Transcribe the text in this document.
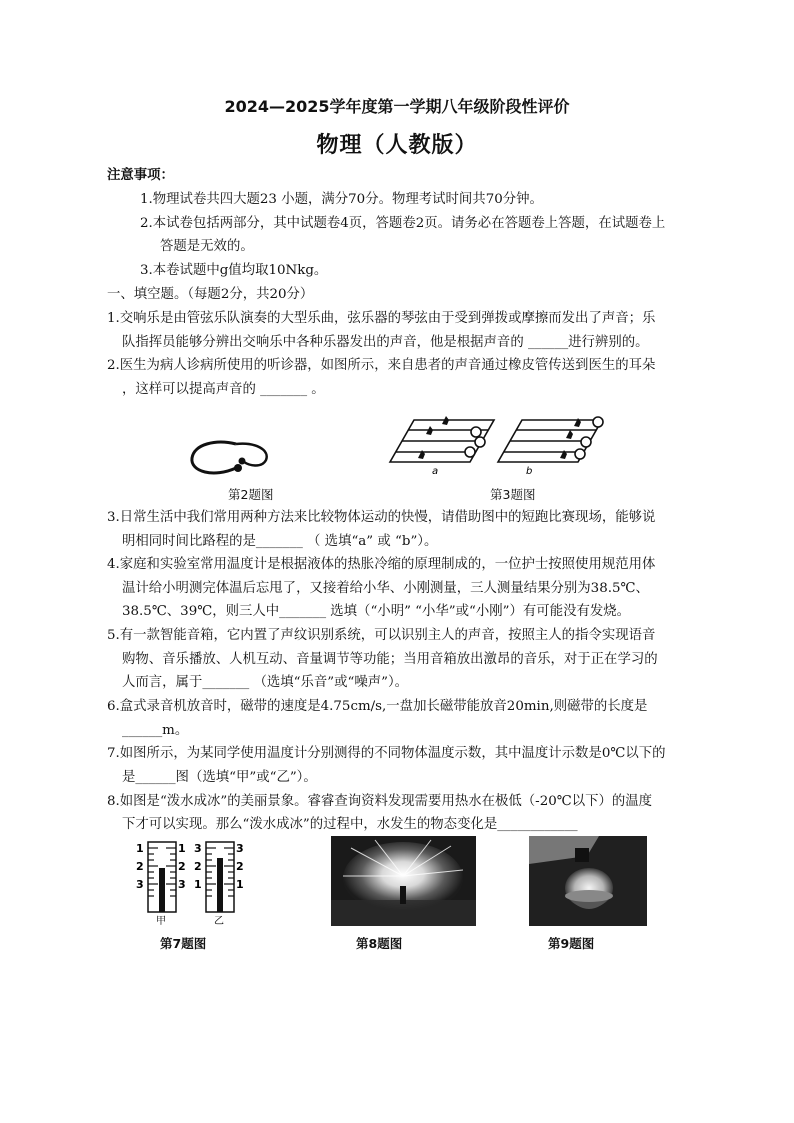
2024—2025学年度第一学期八年级阶段性评价
物理（人教版）
注意事项：
1.物理试卷共四大题23 小题，满分70分。物理考试时间共70分钟。
2.本试卷包括两部分，其中试题卷4页，答题卷2页。请务必在答题卷上答题，在试题卷上
答题是无效的。
3.本卷试题中g值均取10Nkg。
一、填空题。（每题2分，共20分）
1.交响乐是由管弦乐队演奏的大型乐曲，弦乐器的琴弦由于受到弹拨或摩擦而发出了声音；乐
队指挥员能够分辨出交响乐中各种乐器发出的声音，他是根据声音的 ______进行辨别的。
2.医生为病人诊病所使用的听诊器，如图所示，来自患者的声音通过橡皮管传送到医生的耳朵
，这样可以提高声音的 _______ 。
第2题图
a	b
第3题图
3.日常生活中我们常用两种方法来比较物体运动的快慢，请借助图中的短跑比赛现场，能够说
明相同时间比路程的是_______ （ 选填“a” 或 “b”）。
4.家庭和实验室常用温度计是根据液体的热胀冷缩的原理制成的，一位护士按照使用规范用体
温计给小明测完体温后忘甩了，又接着给小华、小刚测量，三人测量结果分别为38.5℃、
38.5℃、39℃，则三人中_______ 选填（“小明” “小华”或“小刚”）有可能没有发烧。
5.有一款智能音箱，它内置了声纹识别系统，可以识别主人的声音，按照主人的指令实现语音
购物、音乐播放、人机互动、音量调节等功能；当用音箱放出激昂的音乐，对于正在学习的
人而言，属于_______ （选填“乐音”或“噪声”）。
6.盒式录音机放音时，磁带的速度是4.75cm/s,一盘加长磁带能放音20min,则磁带的长度是
______m。
7.如图所示，为某同学使用温度计分别测得的不同物体温度示数，其中温度计示数是0℃以下的
是______图（选填“甲”或“乙”）。
8.如图是“泼水成冰”的美丽景象。睿睿查询资料发现需要用热水在极低（-20℃以下）的温度
下才可以实现。那么“泼水成冰”的过程中，水发生的物态变化是____________
1
2
3
1
2
3
甲
3
2
1
3
2
1
乙
第7题图	第8题图	第9题图
